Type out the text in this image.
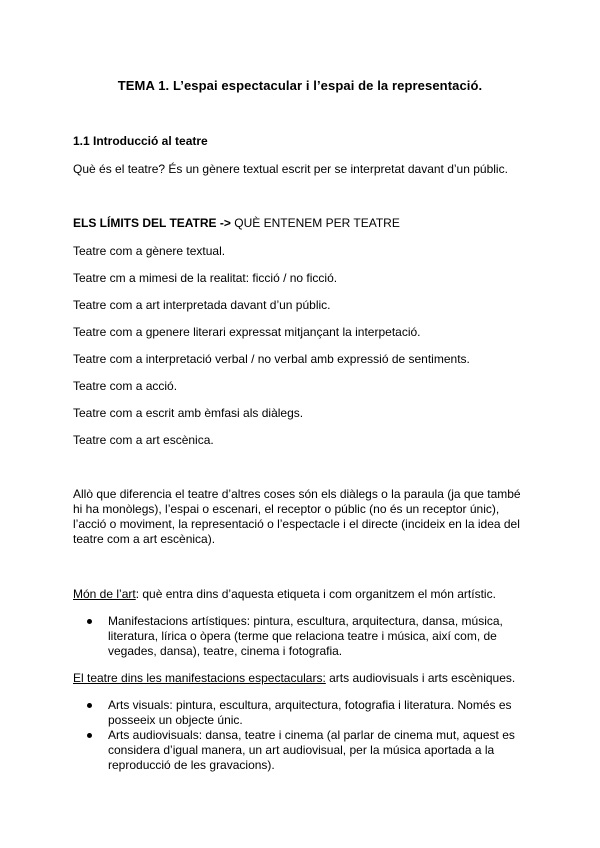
TEMA 1. L’espai espectacular i l’espai de la representació.
1.1 Introducció al teatre
Què és el teatre? És un gènere textual escrit per se interpretat davant d’un públic.
ELS LÍMITS DEL TEATRE -> QUÈ ENTENEM PER TEATRE
Teatre com a gènere textual.
Teatre cm a mimesi de la realitat: ficció / no ficció.
Teatre com a art interpretada davant d’un públic.
Teatre com a gpenere literari expressat mitjançant la interpetació.
Teatre com a interpretació verbal / no verbal amb expressió de sentiments.
Teatre com a acció.
Teatre com a escrit amb èmfasi als diàlegs.
Teatre com a art escènica.
Allò que diferencia el teatre d’altres coses són els diàlegs o la paraula (ja que també hi ha monòlegs), l’espai o escenari, el receptor o públic (no és un receptor únic), l’acció o moviment, la representació o l’espectacle i el directe (incideix en la idea del teatre com a art escènica).
Món de l’art: què entra dins d’aquesta etiqueta i com organitzem el món artístic.
Manifestacions artístiques: pintura, escultura, arquitectura, dansa, música, literatura, lírica o òpera (terme que relaciona teatre i música, així com, de vegades, dansa), teatre, cinema i fotografia.
El teatre dins les manifestacions espectaculars: arts audiovisuals i arts escèniques.
Arts visuals: pintura, escultura, arquitectura, fotografia i literatura. Només es posseeix un objecte únic.
Arts audiovisuals: dansa, teatre i cinema (al parlar de cinema mut, aquest es considera d’igual manera, un art audiovisual, per la música aportada a la reproducció de les gravacions).
